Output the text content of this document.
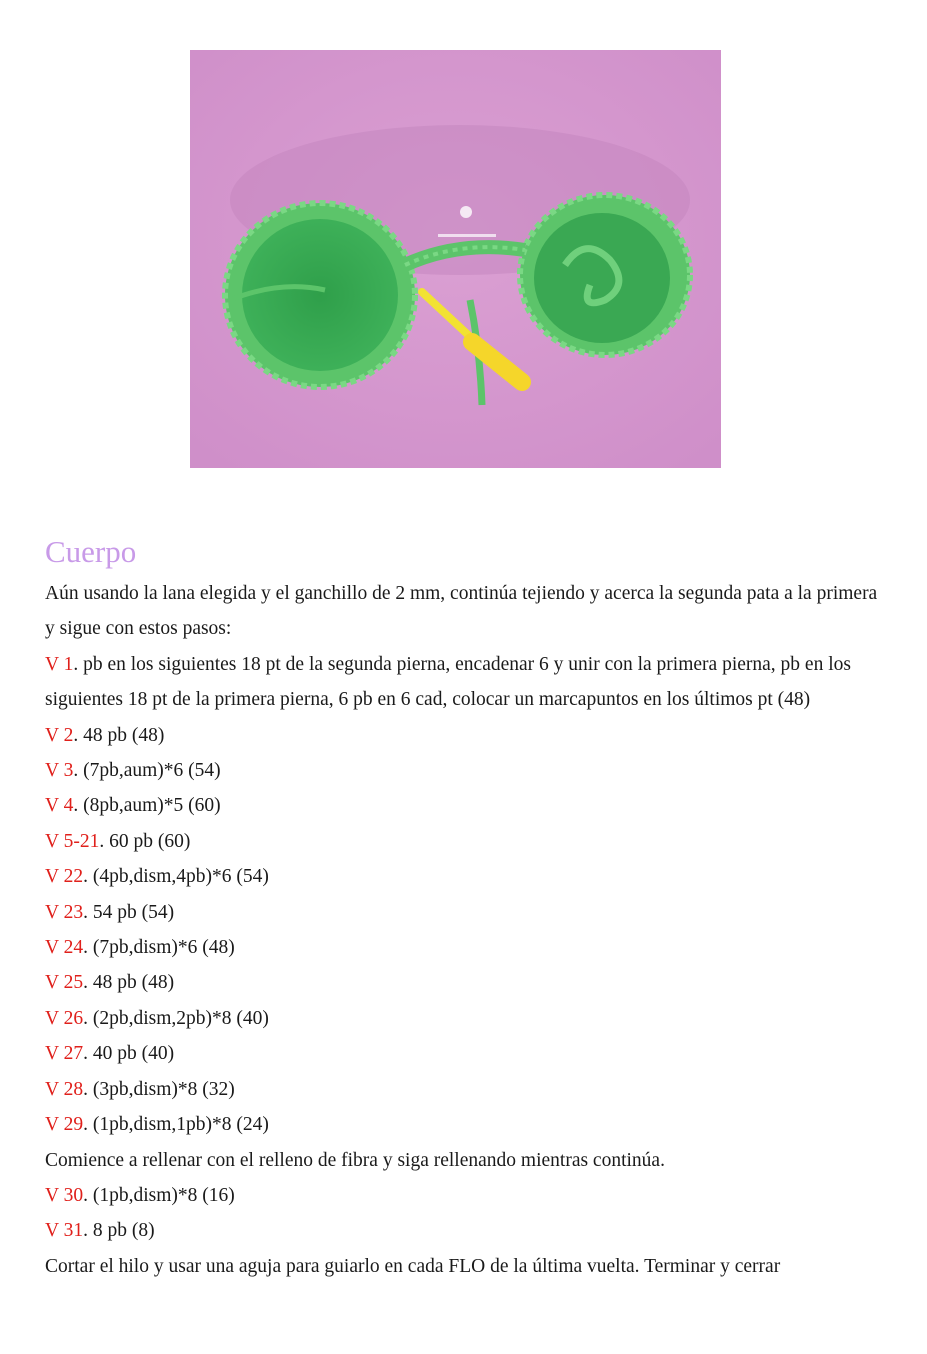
Cuerpo

Aún usando la lana elegida y el ganchillo de 2 mm, continúa tejiendo y acerca la segunda pata a la primera y sigue con estos pasos:

V 1. pb en los siguientes 18 pt de la segunda pierna, encadenar 6 y unir con la primera pierna, pb en los siguientes 18 pt de la primera pierna, 6 pb en 6 cad, colocar un marcapuntos en los últimos pt (48)
V 2. 48 pb (48)
V 3. (7pb,aum)*6 (54)
V 4. (8pb,aum)*5 (60)
V 5-21. 60 pb (60)
V 22. (4pb,dism,4pb)*6 (54)
V 23. 54 pb (54)
V 24. (7pb,dism)*6 (48)
V 25. 48 pb (48)
V 26. (2pb,dism,2pb)*8 (40)
V 27. 40 pb (40)
V 28. (3pb,dism)*8 (32)
V 29. (1pb,dism,1pb)*8 (24)

Comience a rellenar con el relleno de fibra y siga rellenando mientras continúa.

V 30. (1pb,dism)*8 (16)
V 31. 8 pb (8)

Cortar el hilo y usar una aguja para guiarlo en cada FLO de la última vuelta. Terminar y cerrar
